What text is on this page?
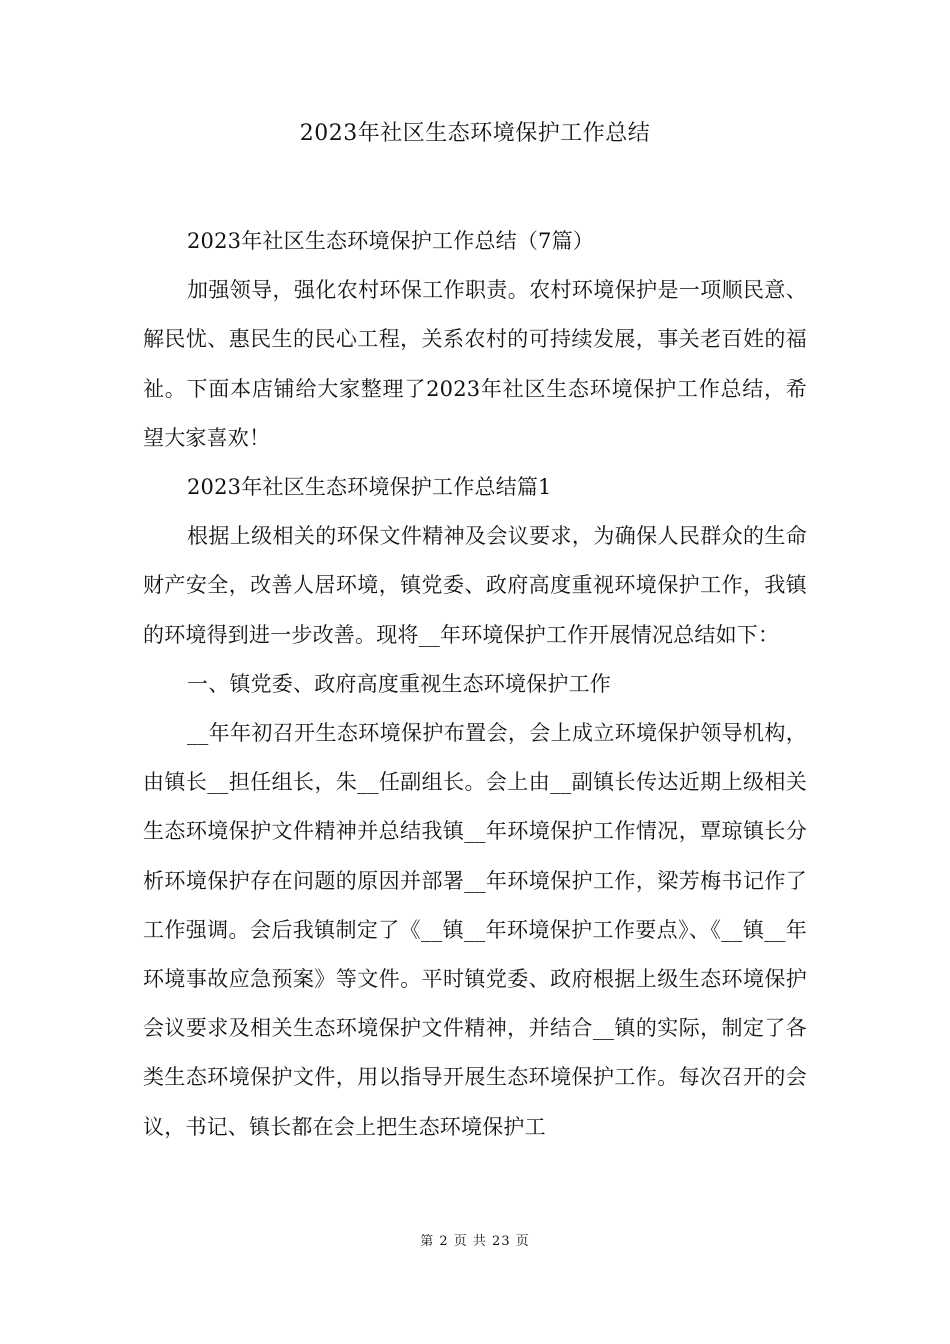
2023年社区生态环境保护工作总结

2023年社区生态环境保护工作总结（7篇）

加强领导，强化农村环保工作职责。农村环境保护是一项顺民意、解民忧、惠民生的民心工程，关系农村的可持续发展，事关老百姓的福祉。下面本店铺给大家整理了2023年社区生态环境保护工作总结，希望大家喜欢！

2023年社区生态环境保护工作总结篇1

根据上级相关的环保文件精神及会议要求，为确保人民群众的生命财产安全，改善人居环境，镇党委、政府高度重视环境保护工作，我镇的环境得到进一步改善。现将__年环境保护工作开展情况总结如下：

一、镇党委、政府高度重视生态环境保护工作

__年年初召开生态环境保护布置会，会上成立环境保护领导机构，由镇长__担任组长，朱__任副组长。会上由__副镇长传达近期上级相关生态环境保护文件精神并总结我镇__年环境保护工作情况，覃琼镇长分析环境保护存在问题的原因并部署__年环境保护工作，梁芳梅书记作了工作强调。会后我镇制定了《__镇__年环境保护工作要点》、《__镇__年环境事故应急预案》等文件。平时镇党委、政府根据上级生态环境保护会议要求及相关生态环境保护文件精神，并结合__镇的实际，制定了各类生态环境保护文件，用以指导开展生态环境保护工作。每次召开的会议，书记、镇长都在会上把生态环境保护工

第 2 页 共 23 页
